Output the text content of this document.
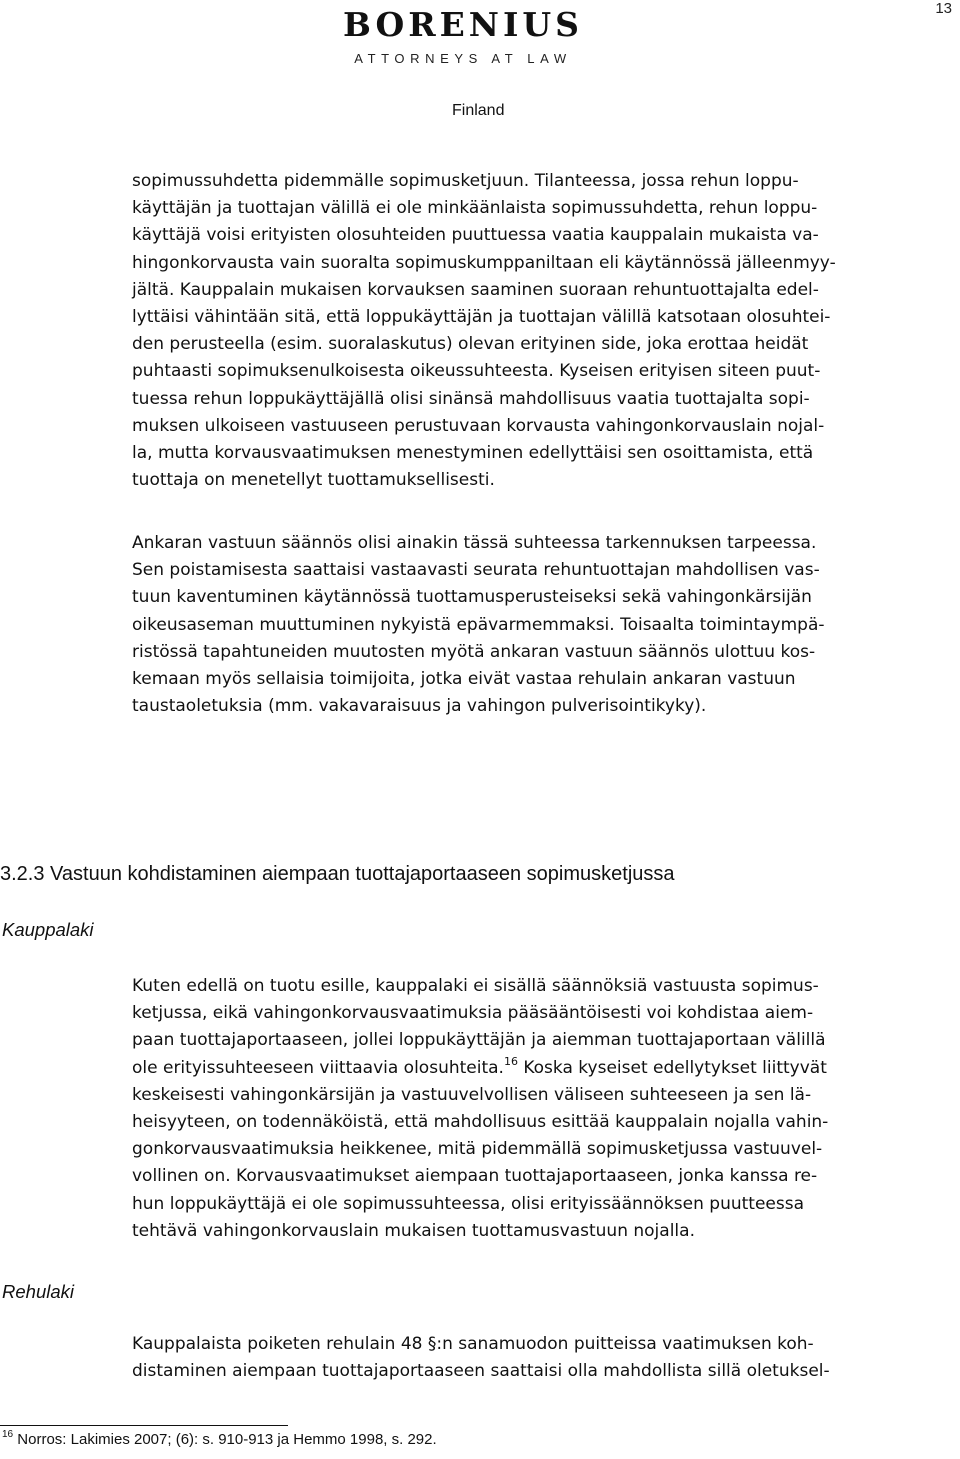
13
BORENIUS
ATTORNEYS AT LAW
Finland
sopimussuhdetta pidemmälle sopimusketjuun. Tilanteessa, jossa rehun loppu-
käyttäjän ja tuottajan välillä ei ole minkäänlaista sopimussuhdetta, rehun loppu-
käyttäjä voisi erityisten olosuhteiden puuttuessa vaatia kauppalain mukaista va-
hingonkorvausta vain suoralta sopimuskumppaniltaan eli käytännössä jälleenmyy-
jältä. Kauppalain mukaisen korvauksen saaminen suoraan rehuntuottajalta edel-
lyttäisi vähintään sitä, että loppukäyttäjän ja tuottajan välillä katsotaan olosuhtei-
den perusteella (esim. suoralaskutus) olevan erityinen side, joka erottaa heidät
puhtaasti sopimuksenulkoisesta oikeussuhteesta. Kyseisen erityisen siteen puut-
tuessa rehun loppukäyttäjällä olisi sinänsä mahdollisuus vaatia tuottajalta sopi-
muksen ulkoiseen vastuuseen perustuvaan korvausta vahingonkorvauslain nojal-
la, mutta korvausvaatimuksen menestyminen edellyttäisi sen osoittamista, että
tuottaja on menetellyt tuottamuksellisesti.
Ankaran vastuun säännös olisi ainakin tässä suhteessa tarkennuksen tarpeessa.
Sen poistamisesta saattaisi vastaavasti seurata rehuntuottajan mahdollisen vas-
tuun kaventuminen käytännössä tuottamusperusteiseksi sekä vahingonkärsijän
oikeusaseman muuttuminen nykyistä epävarmemmaksi. Toisaalta toimintaympä-
ristössä tapahtuneiden muutosten myötä ankaran vastuun säännös ulottuu kos-
kemaan myös sellaisia toimijoita, jotka eivät vastaa rehulain ankaran vastuun
taustaoletuksia (mm. vakavaraisuus ja vahingon pulverisointikyky).
3.2.3 Vastuun kohdistaminen aiempaan tuottajaportaaseen sopimusketjussa
Kauppalaki
Kuten edellä on tuotu esille, kauppalaki ei sisällä säännöksiä vastuusta sopimus-
ketjussa, eikä vahingonkorvausvaatimuksia pääsääntöisesti voi kohdistaa aiem-
paan tuottajaportaaseen, jollei loppukäyttäjän ja aiemman tuottajaportaan välillä
ole erityissuhteeseen viittaavia olosuhteita.$^{16}$ Koska kyseiset edellytykset liittyvät
keskeisesti vahingonkärsijän ja vastuuvelvollisen väliseen suhteeseen ja sen lä-
heisyyteen, on todennäköistä, että mahdollisuus esittää kauppalain nojalla vahin-
gonkorvausvaatimuksia heikkenee, mitä pidemmällä sopimusketjussa vastuuvel-
vollinen on. Korvausvaatimukset aiempaan tuottajaportaaseen, jonka kanssa re-
hun loppukäyttäjä ei ole sopimussuhteessa, olisi erityissäännöksen puutteessa
tehtävä vahingonkorvauslain mukaisen tuottamusvastuun nojalla.
Rehulaki
Kauppalaista poiketen rehulain 48 §:n sanamuodon puitteissa vaatimuksen koh-
distaminen aiempaan tuottajaportaaseen saattaisi olla mahdollista sillä oletuksel-
$^{16}$ Norros: Lakimies 2007; (6): s. 910-913 ja Hemmo 1998, s. 292.
